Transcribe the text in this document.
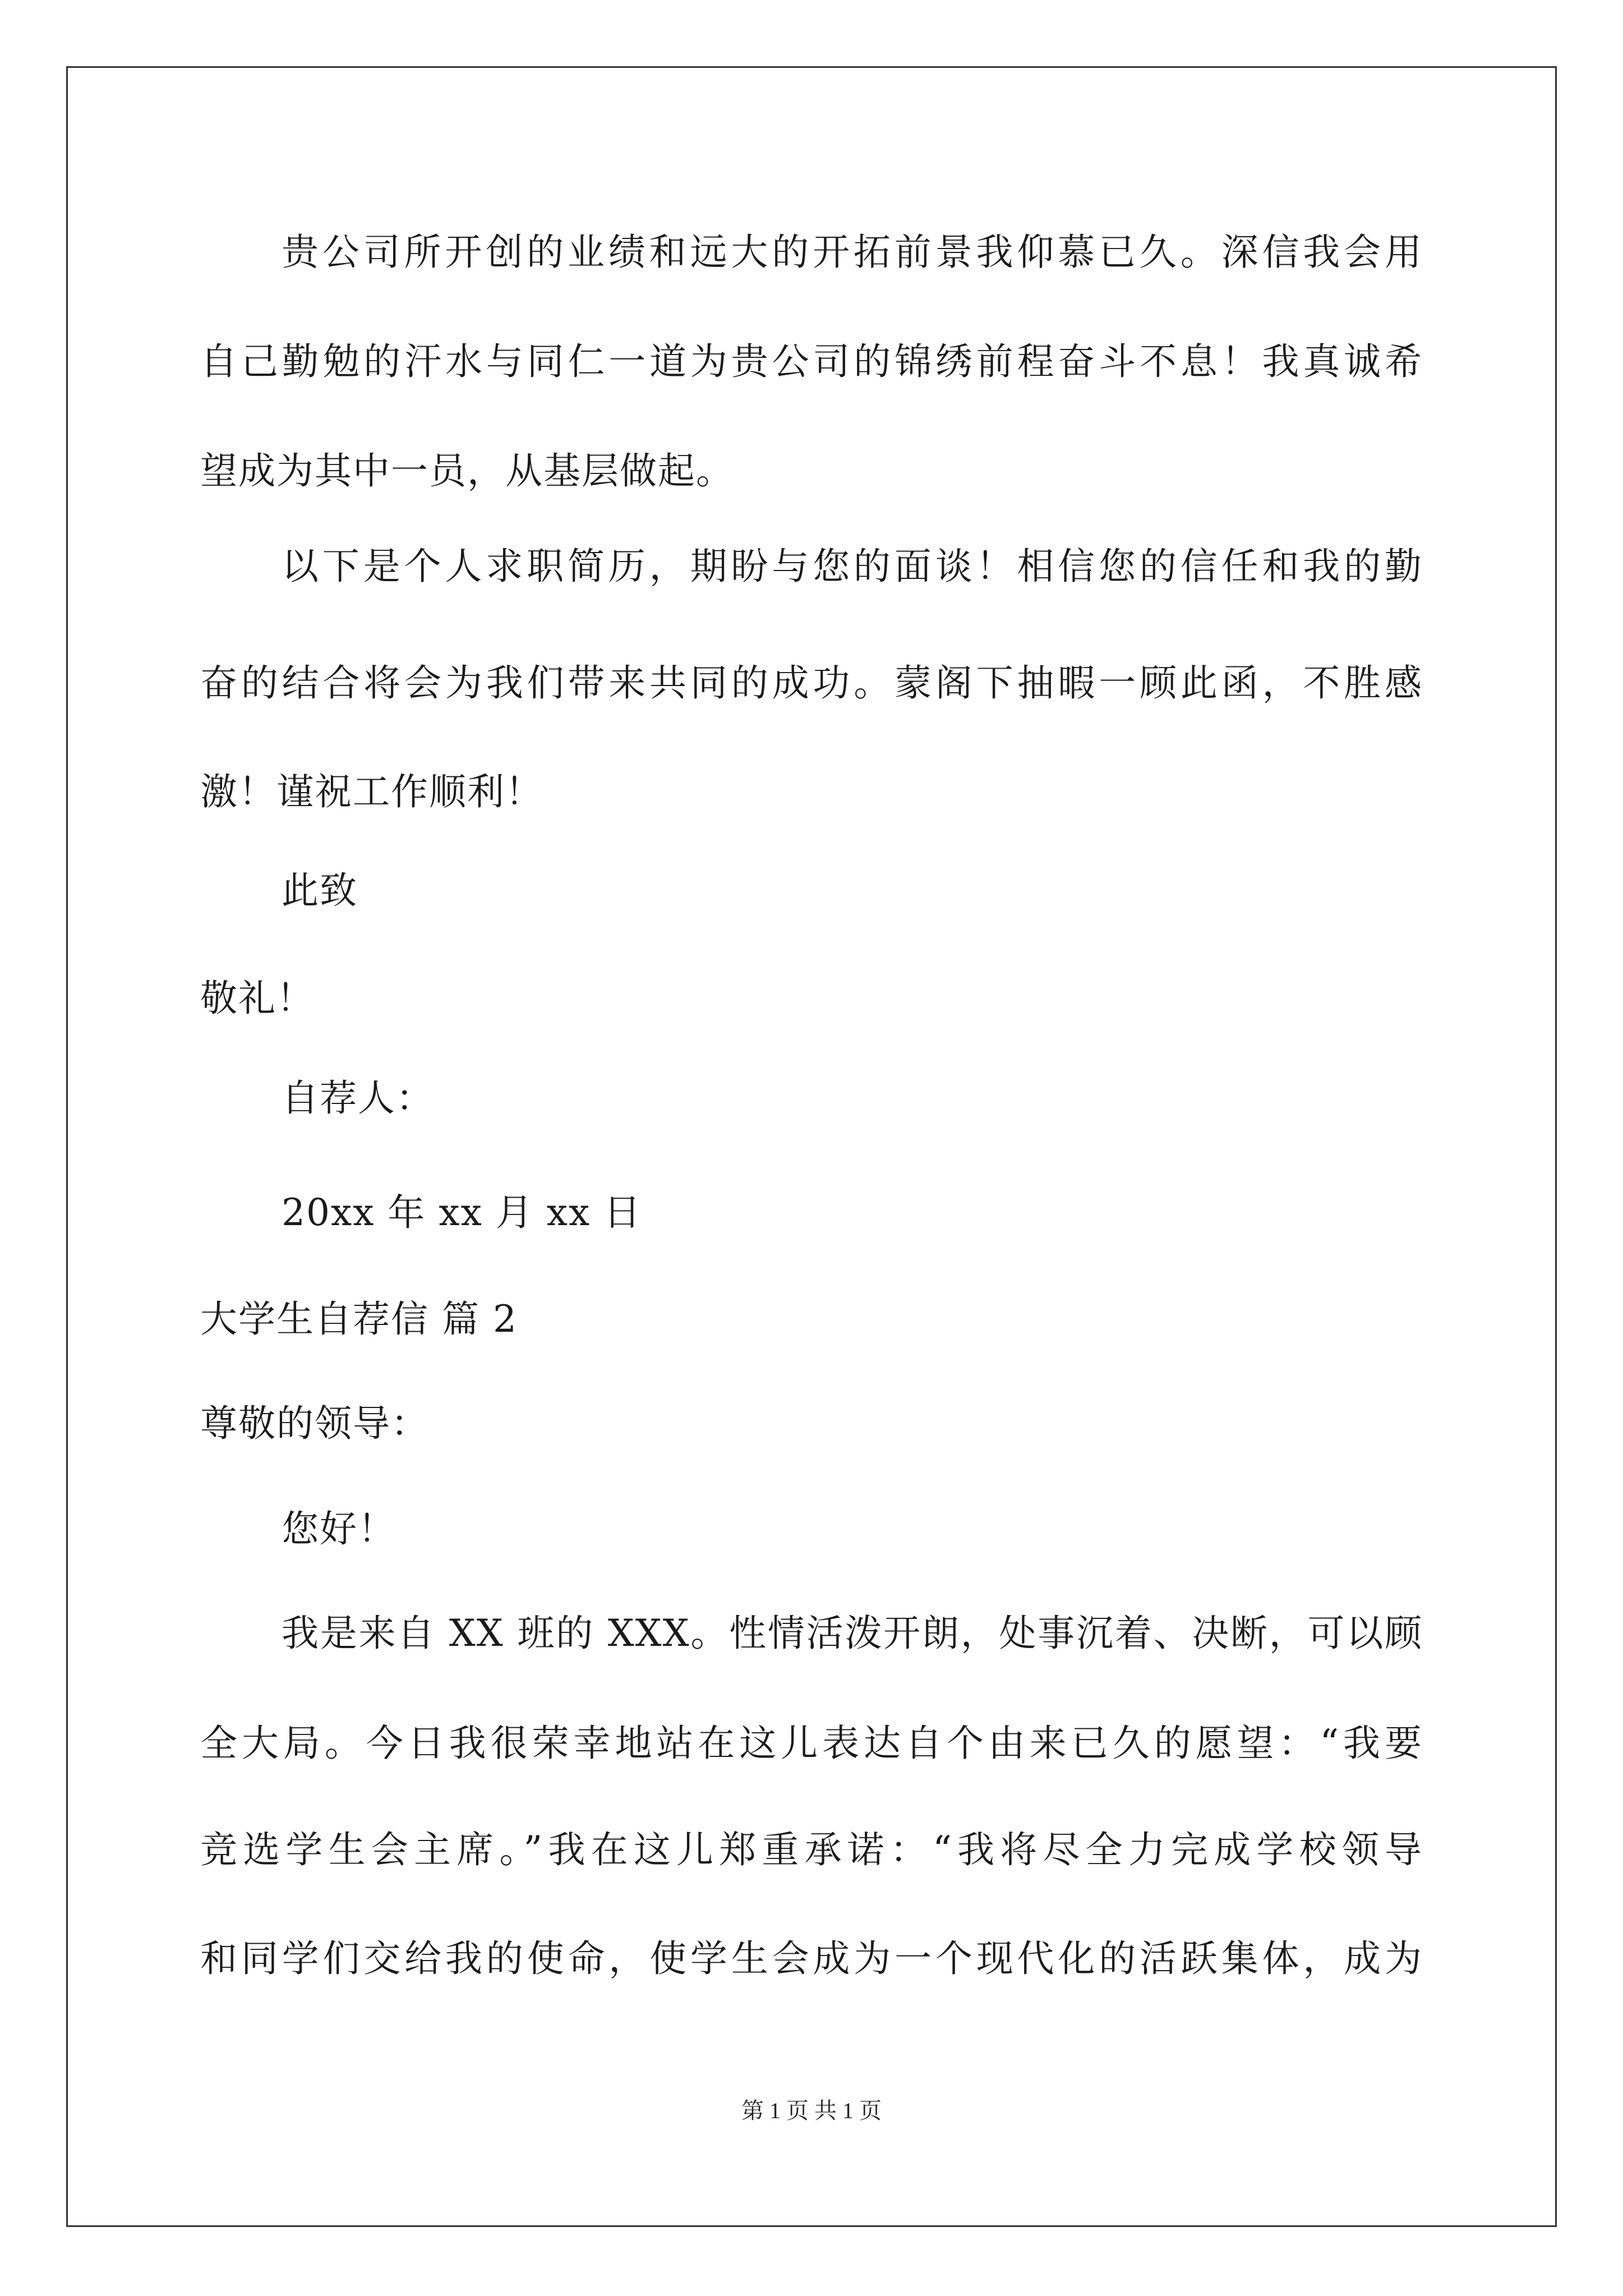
贵公司所开创的业绩和远大的开拓前景我仰慕已久。深信我会用
自己勤勉的汗水与同仁一道为贵公司的锦绣前程奋斗不息！我真诚希
望成为其中一员，从基层做起。
以下是个人求职简历，期盼与您的面谈！相信您的信任和我的勤
奋的结合将会为我们带来共同的成功。蒙阁下抽暇一顾此函，不胜感
激！谨祝工作顺利！
此致
敬礼！
自荐人：
20xx 年 xx 月 xx 日
大学生自荐信 篇 2
尊敬的领导：
您好！
我是来自 XX 班的 XXX。性情活泼开朗，处事沉着、决断，可以顾
全大局。今日我很荣幸地站在这儿表达自个由来已久的愿望：“我要
竞选学生会主席。”我在这儿郑重承诺：“我将尽全力完成学校领导
和同学们交给我的使命，使学生会成为一个现代化的活跃集体，成为
第 1 页 共 1 页
